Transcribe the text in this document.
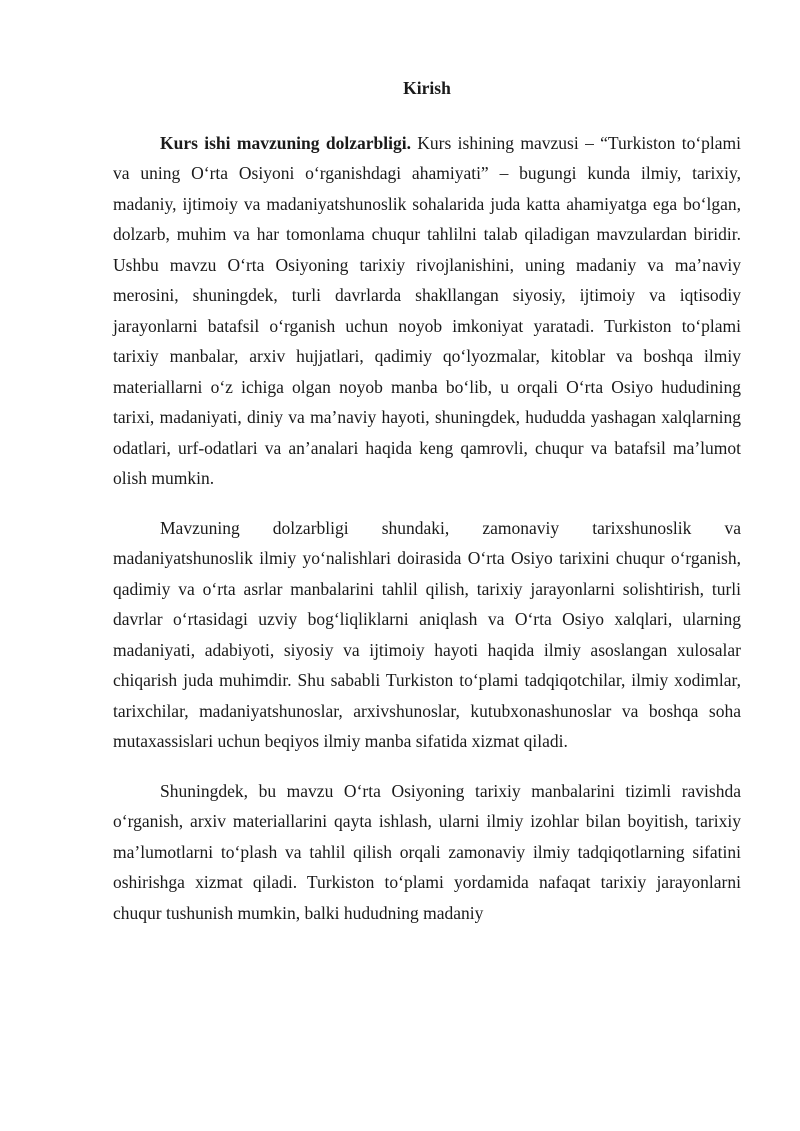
Kirish

Kurs ishi mavzuning dolzarbligi. Kurs ishining mavzusi – “Turkiston to‘plami va uning O‘rta Osiyoni o‘rganishdagi ahamiyati” – bugungi kunda ilmiy, tarixiy, madaniy, ijtimoiy va madaniyatshunoslik sohalarida juda katta ahamiyatga ega bo‘lgan, dolzarb, muhim va har tomonlama chuqur tahlilni talab qiladigan mavzulardan biridir. Ushbu mavzu O‘rta Osiyoning tarixiy rivojlanishini, uning madaniy va ma’naviy merosini, shuningdek, turli davrlarda shakllangan siyosiy, ijtimoiy va iqtisodiy jarayonlarni batafsil o‘rganish uchun noyob imkoniyat yaratadi. Turkiston to‘plami tarixiy manbalar, arxiv hujjatlari, qadimiy qo‘lyozmalar, kitoblar va boshqa ilmiy materiallarni o‘z ichiga olgan noyob manba bo‘lib, u orqali O‘rta Osiyo hududining tarixi, madaniyati, diniy va ma’naviy hayoti, shuningdek, hududda yashagan xalqlarning odatlari, urf-odatlari va an’analari haqida keng qamrovli, chuqur va batafsil ma’lumot olish mumkin.

Mavzuning dolzarbligi shundaki, zamonaviy tarixshunoslik va madaniyatshunoslik ilmiy yo‘nalishlari doirasida O‘rta Osiyo tarixini chuqur o‘rganish, qadimiy va o‘rta asrlar manbalarini tahlil qilish, tarixiy jarayonlarni solishtirish, turli davrlar o‘rtasidagi uzviy bog‘liqliklarni aniqlash va O‘rta Osiyo xalqlari, ularning madaniyati, adabiyoti, siyosiy va ijtimoiy hayoti haqida ilmiy asoslangan xulosalar chiqarish juda muhimdir. Shu sababli Turkiston to‘plami tadqiqotchilar, ilmiy xodimlar, tarixchilar, madaniyatshunoslar, arxivshunoslar, kutubxonashunoslar va boshqa soha mutaxassislari uchun beqiyos ilmiy manba sifatida xizmat qiladi.

Shuningdek, bu mavzu O‘rta Osiyoning tarixiy manbalarini tizimli ravishda o‘rganish, arxiv materiallarini qayta ishlash, ularni ilmiy izohlar bilan boyitish, tarixiy ma’lumotlarni to‘plash va tahlil qilish orqali zamonaviy ilmiy tadqiqotlarning sifatini oshirishga xizmat qiladi. Turkiston to‘plami yordamida nafaqat tarixiy jarayonlarni chuqur tushunish mumkin, balki hududning madaniy
